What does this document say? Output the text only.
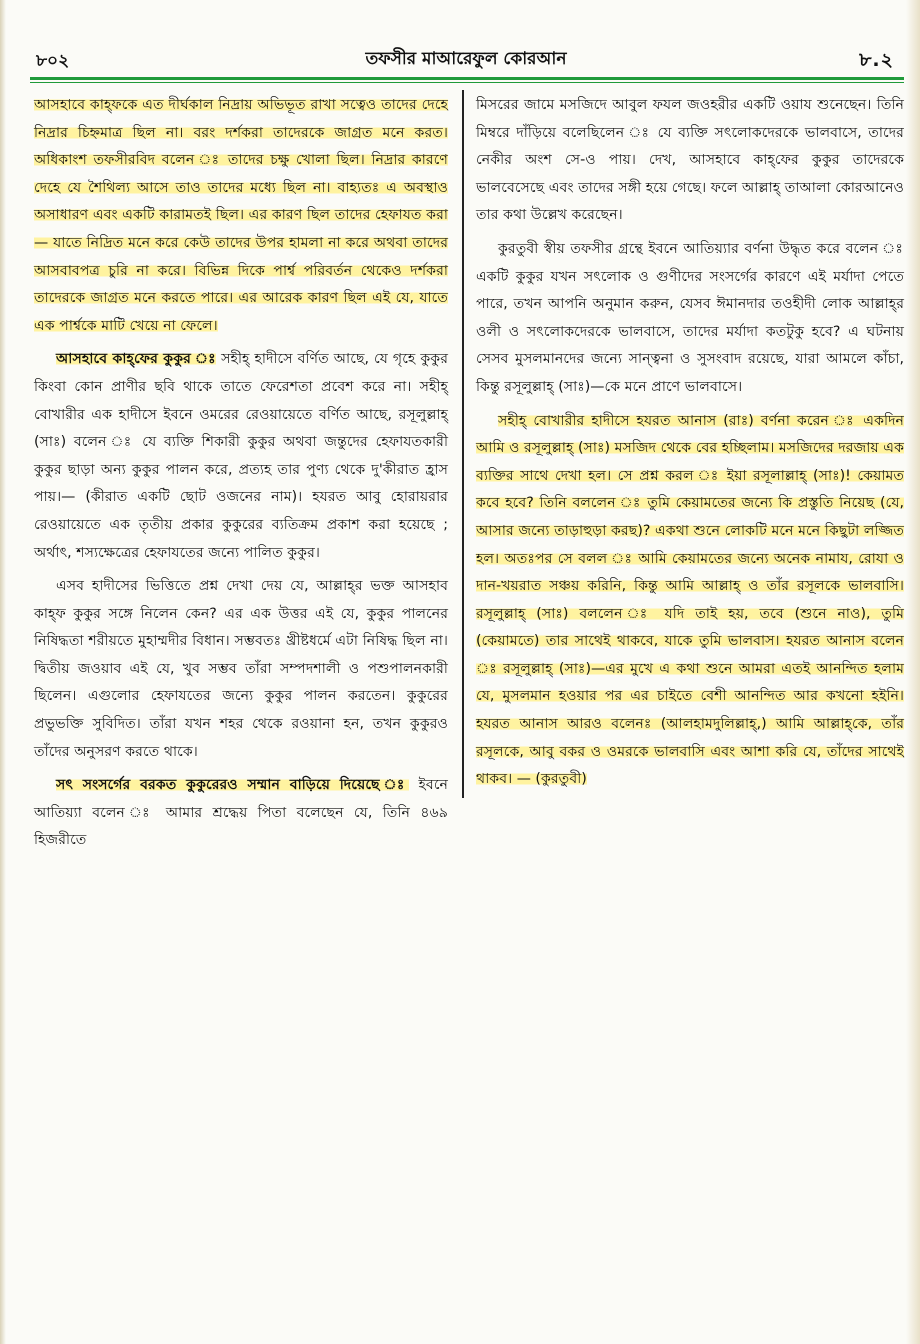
৮০২	তফসীর মাআরেফুল কোরআন	৮.২

আসহাবে কাহ্‌ফকে এত দীর্ঘকাল নিদ্রায় অভিভূত রাখা সত্বেও তাদের দেহে নিদ্রার চিহ্নমাত্র ছিল না। বরং দর্শকরা তাদেরকে জাগ্রত মনে করত। অধিকাংশ তফসীরবিদ বলেন ঃ তাদের চক্ষু খোলা ছিল। নিদ্রার কারণে দেহে যে শৈথিল্য আসে তাও তাদের মধ্যে ছিল না। বাহ্যতঃ এ অবস্থাও অসাধারণ এবং একটি কারামতই ছিল। এর কারণ ছিল তাদের হেফাযত করা — যাতে নিদ্রিত মনে করে কেউ তাদের উপর হামলা না করে অথবা তাদের আসবাবপত্র চুরি না করে। বিভিন্ন দিকে পার্শ্ব পরিবর্তন থেকেও দর্শকরা তাদেরকে জাগ্রত মনে করতে পারে। এর আরেক কারণ ছিল এই যে, যাতে এক পার্শ্বকে মাটি খেয়ে না ফেলে।

আসহাবে কাহ্‌ফের কুকুর ঃ সহীহ্‌ হাদীসে বর্ণিত আছে, যে গৃহে কুকুর কিংবা কোন প্রাণীর ছবি থাকে তাতে ফেরেশতা প্রবেশ করে না। সহীহ্‌ বোখারীর এক হাদীসে ইবনে ওমরের রেওয়ায়েতে বর্ণিত আছে, রসূলুল্লাহ্‌ (সাঃ) বলেন ঃ যে ব্যক্তি শিকারী কুকুর অথবা জন্তুদের হেফাযতকারী কুকুর ছাড়া অন্য কুকুর পালন করে, প্রত্যহ তার পুণ্য থেকে দু'কীরাত হ্রাস পায়।— (কীরাত একটি ছোট ওজনের নাম)। হযরত আবু হোরায়রার রেওয়ায়েতে এক তৃতীয় প্রকার কুকুরের ব্যতিক্রম প্রকাশ করা হয়েছে ; অর্থাৎ, শস্যক্ষেত্রের হেফাযতের জন্যে পালিত কুকুর।

এসব হাদীসের ভিত্তিতে প্রশ্ন দেখা দেয় যে, আল্লাহ্‌র ভক্ত আসহাব কাহ্‌ফ কুকুর সঙ্গে নিলেন কেন? এর এক উত্তর এই যে, কুকুর পালনের নিষিদ্ধতা শরীয়তে মুহাম্মদীর বিধান। সম্ভবতঃ খ্রীষ্টধর্মে এটা নিষিদ্ধ ছিল না। দ্বিতীয় জওয়াব এই যে, খুব সম্ভব তাঁরা সম্পদশালী ও পশুপালনকারী ছিলেন। এগুলোর হেফাযতের জন্যে কুকুর পালন করতেন। কুকুরের প্রভুভক্তি সুবিদিত। তাঁরা যখন শহর থেকে রওয়ানা হন, তখন কুকুরও তাঁদের অনুসরণ করতে থাকে।

সৎ সংসর্গের বরকত কুকুরেরও সম্মান বাড়িয়ে দিয়েছে ঃ ইবনে আতিয়্যা বলেন ঃ আমার শ্রদ্ধেয় পিতা বলেছেন যে, তিনি ৪৬৯ হিজরীতে

মিসরের জামে মসজিদে আবুল ফযল জওহরীর একটি ওয়ায শুনেছেন। তিনি মিম্বরে দাঁড়িয়ে বলেছিলেন ঃ যে ব্যক্তি সৎলোকদেরকে ভালবাসে, তাদের নেকীর অংশ সে-ও পায়। দেখ, আসহাবে কাহ্‌ফের কুকুর তাদেরকে ভালবেসেছে এবং তাদের সঙ্গী হয়ে গেছে। ফলে আল্লাহ্‌ তাআলা কোরআনেও তার কথা উল্লেখ করেছেন।

কুরতুবী স্বীয় তফসীর গ্রন্থে ইবনে আতিয়্যার বর্ণনা উদ্ধৃত করে বলেন ঃ একটি কুকুর যখন সৎলোক ও গুণীদের সংসর্গের কারণে এই মর্যাদা পেতে পারে, তখন আপনি অনুমান করুন, যেসব ঈমানদার তওহীদী লোক আল্লাহ্‌র ওলী ও সৎলোকদেরকে ভালবাসে, তাদের মর্যাদা কতটুকু হবে? এ ঘটনায় সেসব মুসলমানদের জন্যে সান্ত্বনা ও সুসংবাদ রয়েছে, যারা আমলে কাঁচা, কিন্তু রসূলুল্লাহ্‌ (সাঃ)—কে মনে প্রাণে ভালবাসে।

সহীহ্‌ বোখারীর হাদীসে হযরত আনাস (রাঃ) বর্ণনা করেন ঃ একদিন আমি ও রসূলুল্লাহ্‌ (সাঃ) মসজিদ থেকে বের হচ্ছিলাম। মসজিদের দরজায় এক ব্যক্তির সাথে দেখা হল। সে প্রশ্ন করল ঃ ইয়া রসূলাল্লাহ্‌ (সাঃ)! কেয়ামত কবে হবে? তিনি বললেন ঃ তুমি কেয়ামতের জন্যে কি প্রস্তুতি নিয়েছ (যে, আসার জন্যে তাড়াহুড়া করছ)? একথা শুনে লোকটি মনে মনে কিছুটা লজ্জিত হল। অতঃপর সে বলল ঃ আমি কেয়ামতের জন্যে অনেক নামায, রোযা ও দান-খয়রাত সঞ্চয় করিনি, কিন্তু আমি আল্লাহ্‌ ও তাঁর রসূলকে ভালবাসি। রসূলুল্লাহ্‌ (সাঃ) বললেন ঃ যদি তাই হয়, তবে (শুনে নাও), তুমি (কেয়ামতে) তার সাথেই থাকবে, যাকে তুমি ভালবাস। হযরত আনাস বলেন ঃ রসূলুল্লাহ্‌ (সাঃ)—এর মুখে এ কথা শুনে আমরা এতই আনন্দিত হলাম যে, মুসলমান হওয়ার পর এর চাইতে বেশী আনন্দিত আর কখনো হইনি। হযরত আনাস আরও বলেনঃ (আলহামদুলিল্লাহ্‌,) আমি আল্লাহ্‌কে, তাঁর রসূলকে, আবু বকর ও ওমরকে ভালবাসি এবং আশা করি যে, তাঁদের সাথেই থাকব। — (কুরতুবী)
